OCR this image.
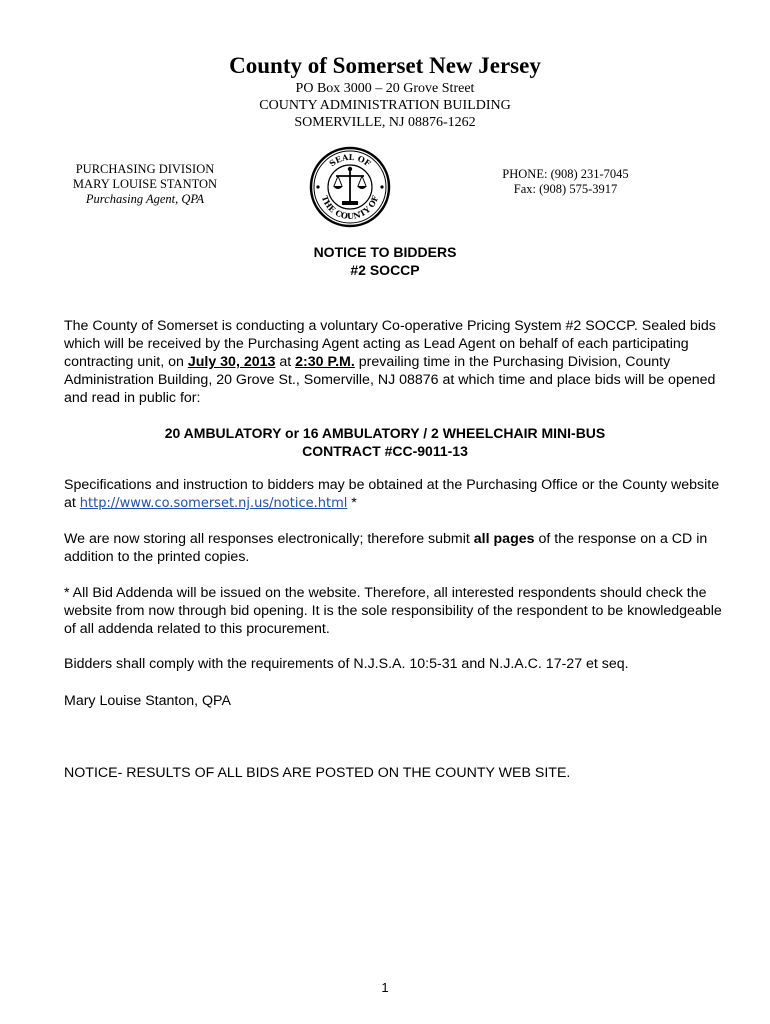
County of Somerset New Jersey
PO Box 3000 – 20 Grove Street
COUNTY ADMINISTRATION BUILDING
SOMERVILLE, NJ 08876-1262
PURCHASING DIVISION
MARY LOUISE STANTON
Purchasing Agent, QPA
SEAL OF
THE COUNTY OF
PHONE: (908) 231-7045
Fax: (908) 575-3917
NOTICE TO BIDDERS
#2 SOCCP
The County of Somerset is conducting a voluntary Co-operative Pricing System #2 SOCCP. Sealed bids which will be received by the Purchasing Agent acting as Lead Agent on behalf of each participating contracting unit, on July 30, 2013 at 2:30 P.M. prevailing time in the Purchasing Division, County Administration Building, 20 Grove St., Somerville, NJ 08876 at which time and place bids will be opened and read in public for:
20 AMBULATORY or 16 AMBULATORY / 2 WHEELCHAIR MINI-BUS
CONTRACT #CC-9011-13
Specifications and instruction to bidders may be obtained at the Purchasing Office or the County website at http://www.co.somerset.nj.us/notice.html *
We are now storing all responses electronically; therefore submit all pages of the response on a CD in addition to the printed copies.
* All Bid Addenda will be issued on the website. Therefore, all interested respondents should check the website from now through bid opening. It is the sole responsibility of the respondent to be knowledgeable of all addenda related to this procurement.
Bidders shall comply with the requirements of N.J.S.A. 10:5-31 and N.J.A.C. 17-27 et seq.
Mary Louise Stanton, QPA
NOTICE- RESULTS OF ALL BIDS ARE POSTED ON THE COUNTY WEB SITE.
1
